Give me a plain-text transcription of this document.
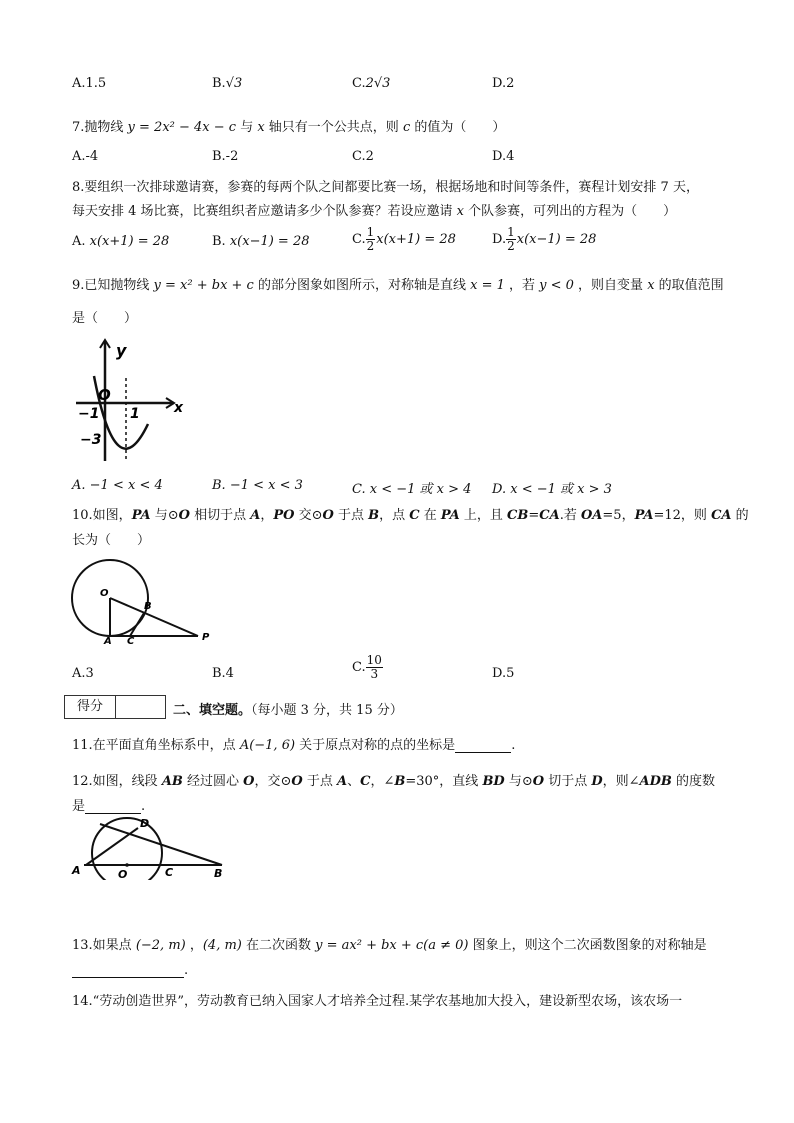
A.1.5	B.√3	C.2√3	D.2
7.抛物线 y = 2x² − 4x − c 与 x 轴只有一个公共点，则 c 的值为（　　）
A.-4	B.-2	C.2	D.4
8.要组织一次排球邀请赛，参赛的每两个队之间都要比赛一场，根据场地和时间等条件，赛程计划安排 7 天，
每天安排 4 场比赛，比赛组织者应邀请多少个队参赛？若设应邀请 x 个队参赛，可列出的方程为（　　）
A. x(x+1) = 28	B. x(x−1) = 28	C. $\frac{1}{2} x(x+1) = 28$	D. $\frac{1}{2} x(x-1) = 28$
9.已知抛物线 y = x² + bx + c 的部分图象如图所示，对称轴是直线 x = 1 ，若 y < 0 ，则自变量 x 的取值范围
是（　　）
y
x
O
−1 1
−3
A. −1 < x < 4	B. −1 < x < 3	C. x < −1 或 x > 4 D. x < −1 或 x > 3
10.如图，PA 与⊙O 相切于点 A，PO 交⊙O 于点 B，点 C 在 PA 上，且 CB=CA.若 OA=5，PA=12，则 CA 的
长为（　　）
O
B
A C	P
A.3	B.4	C. $\frac{10}{3}$	D.5
得分	二、填空题。（每小题 3 分，共 15 分）
11.在平面直角坐标系中，点 A(−1, 6) 关于原点对称的点的坐标是	.
12.如图，线段 AB 经过圆心 O，交⊙O 于点 A、C，∠B=30°，直线 BD 与⊙O 切于点 D，则∠ADB 的度数
是	.
D
A	O	C	B
13.如果点 (−2, m) ，(4, m) 在二次函数 y = ax² + bx + c(a ≠ 0) 图象上，则这个二次函数图象的对称轴是
.
14.“劳动创造世界”，劳动教育已纳入国家人才培养全过程.某学农基地加大投入，建设新型农场，该农场一
